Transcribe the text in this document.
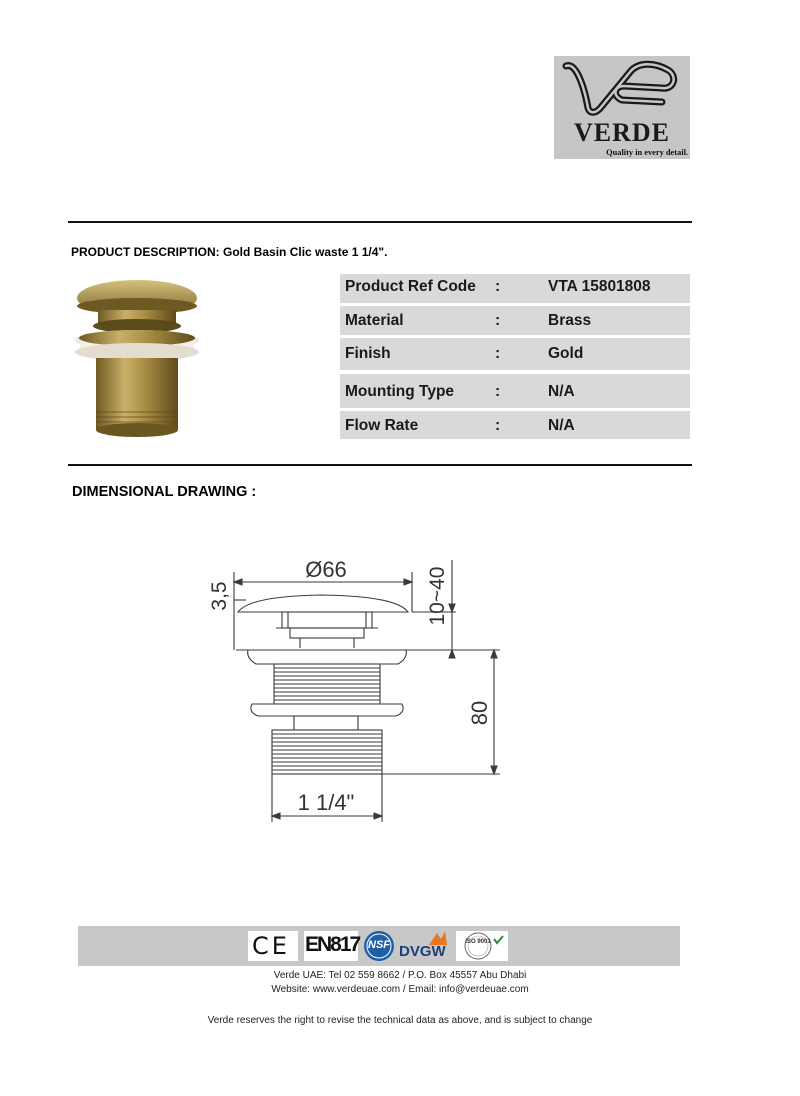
VERDE
Quality in every detail.
PRODUCT DESCRIPTION: Gold Basin Clic waste 1 1/4".
Product Ref Code :	VTA 15801808
Material	:	Brass
Finish	:	Gold
Mounting Type	:	N/A
Flow Rate	:	N/A
DIMENSIONAL DRAWING :
Ø66
3,5	10~40
80
1 1/4"
CE EN817 NSF DVGW
ISO 9001
Verde UAE: Tel 02 559 8662 / P.O. Box 45557 Abu Dhabi
Website: www.verdeuae.com / Email: info@verdeuae.com
Verde reserves the right to revise the technical data as above, and is subject to change
